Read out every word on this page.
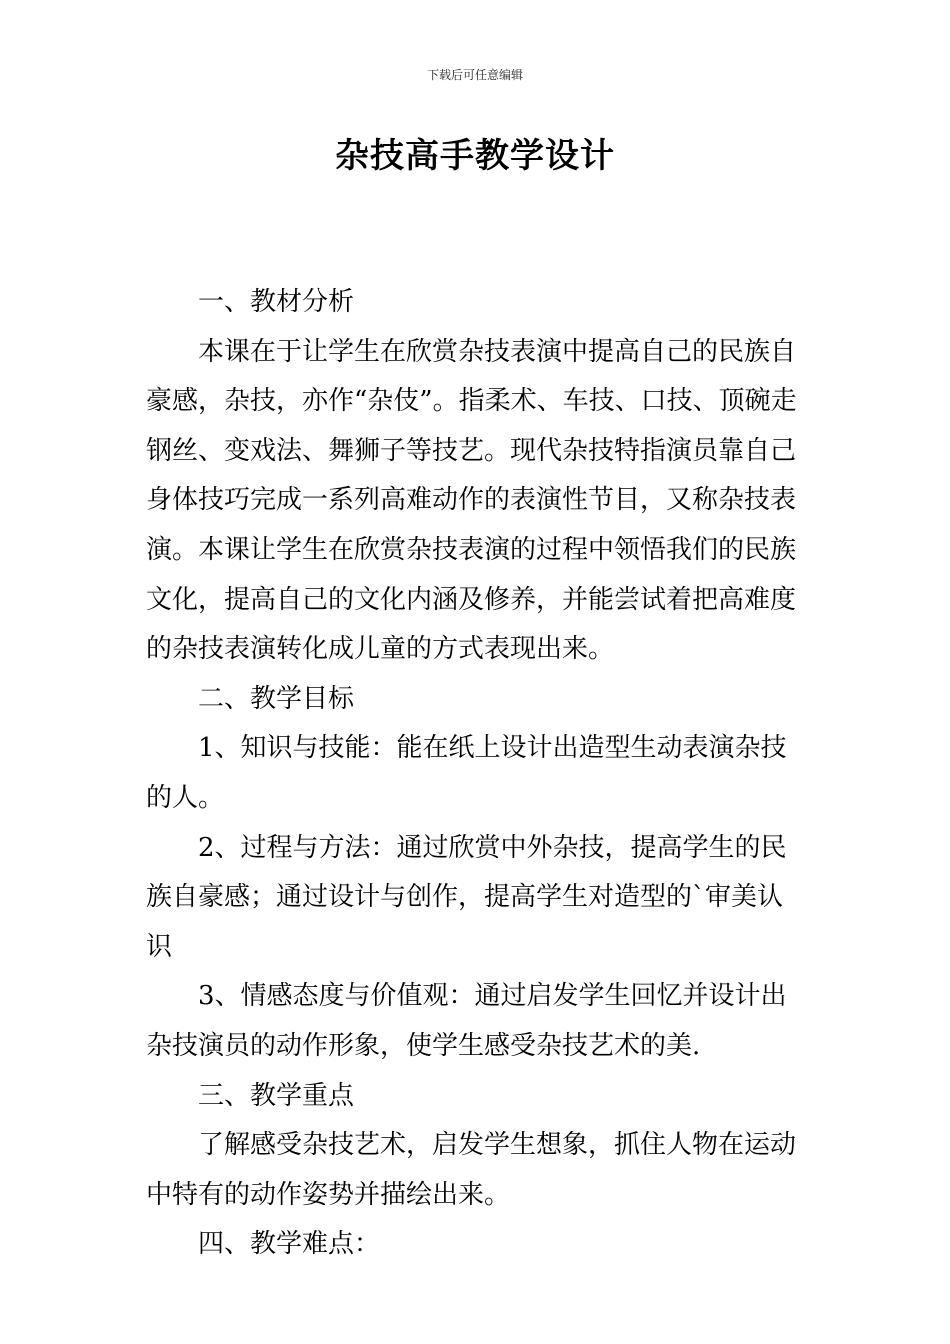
下载后可任意编辑
杂技高手教学设计

一、教材分析

本课在于让学生在欣赏杂技表演中提高自己的民族自豪感，杂技，亦作“杂伎”。指柔术、车技、口技、顶碗走钢丝、变戏法、舞狮子等技艺。现代杂技特指演员靠自己身体技巧完成一系列高难动作的表演性节目，又称杂技表演。本课让学生在欣赏杂技表演的过程中领悟我们的民族文化，提高自己的文化内涵及修养，并能尝试着把高难度的杂技表演转化成儿童的方式表现出来。

二、教学目标

1、知识与技能：能在纸上设计出造型生动表演杂技的人。

2、过程与方法：通过欣赏中外杂技，提高学生的民族自豪感；通过设计与创作，提高学生对造型的`审美认识

3、情感态度与价值观：通过启发学生回忆并设计出杂技演员的动作形象，使学生感受杂技艺术的美.

三、教学重点

了解感受杂技艺术，启发学生想象，抓住人物在运动中特有的动作姿势并描绘出来。

四、教学难点：
